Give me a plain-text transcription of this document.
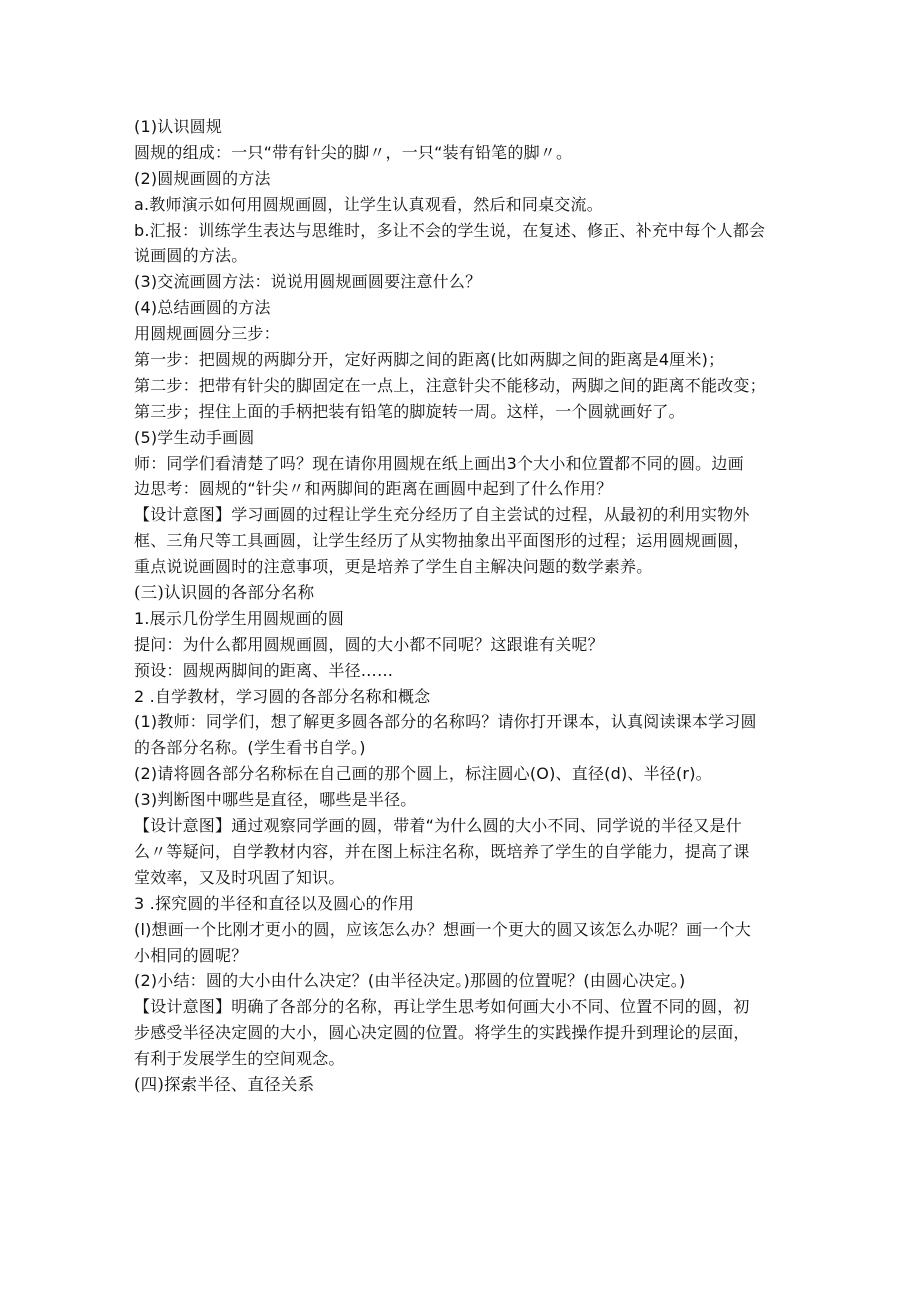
(1)认识圆规
圆规的组成：一只“带有针尖的脚〃，一只“装有铅笔的脚〃。
(2)圆规画圆的方法
a.教师演示如何用圆规画圆，让学生认真观看，然后和同桌交流。
b.汇报：训练学生表达与思维时，多让不会的学生说，在复述、修正、补充中每个人都会
说画圆的方法。
(3)交流画圆方法：说说用圆规画圆要注意什么？
(4)总结画圆的方法
用圆规画圆分三步：
第一步：把圆规的两脚分开，定好两脚之间的距离(比如两脚之间的距离是4厘米)；
第二步：把带有针尖的脚固定在一点上，注意针尖不能移动，两脚之间的距离不能改变；
第三步；捏住上面的手柄把装有铅笔的脚旋转一周。这样，一个圆就画好了。
(5)学生动手画圆
师：同学们看清楚了吗？现在请你用圆规在纸上画出3个大小和位置都不同的圆。边画
边思考：圆规的“针尖〃和两脚间的距离在画圆中起到了什么作用？
【设计意图】学习画圆的过程让学生充分经历了自主尝试的过程，从最初的利用实物外
框、三角尺等工具画圆，让学生经历了从实物抽象出平面图形的过程；运用圆规画圆，
重点说说画圆时的注意事项，更是培养了学生自主解决问题的数学素养。
(三)认识圆的各部分名称
1.展示几份学生用圆规画的圆
提问：为什么都用圆规画圆，圆的大小都不同呢？这跟谁有关呢？
预设：圆规两脚间的距离、半径……
2 .自学教材，学习圆的各部分名称和概念
(1)教师：同学们，想了解更多圆各部分的名称吗？请你打开课本，认真阅读课本学习圆
的各部分名称。(学生看书自学。)
(2)请将圆各部分名称标在自己画的那个圆上，标注圆心(O)、直径(d)、半径(r)。
(3)判断图中哪些是直径，哪些是半径。
【设计意图】通过观察同学画的圆，带着“为什么圆的大小不同、同学说的半径又是什
么〃等疑问，自学教材内容，并在图上标注名称，既培养了学生的自学能力，提高了课
堂效率，又及时巩固了知识。
3 .探究圆的半径和直径以及圆心的作用
(l)想画一个比刚才更小的圆，应该怎么办？想画一个更大的圆又该怎么办呢？画一个大
小相同的圆呢？
(2)小结：圆的大小由什么决定？(由半径决定。)那圆的位置呢？(由圆心决定。)
【设计意图】明确了各部分的名称，再让学生思考如何画大小不同、位置不同的圆，初
步感受半径决定圆的大小，圆心决定圆的位置。将学生的实践操作提升到理论的层面，
有利于发展学生的空间观念。
(四)探索半径、直径关系
